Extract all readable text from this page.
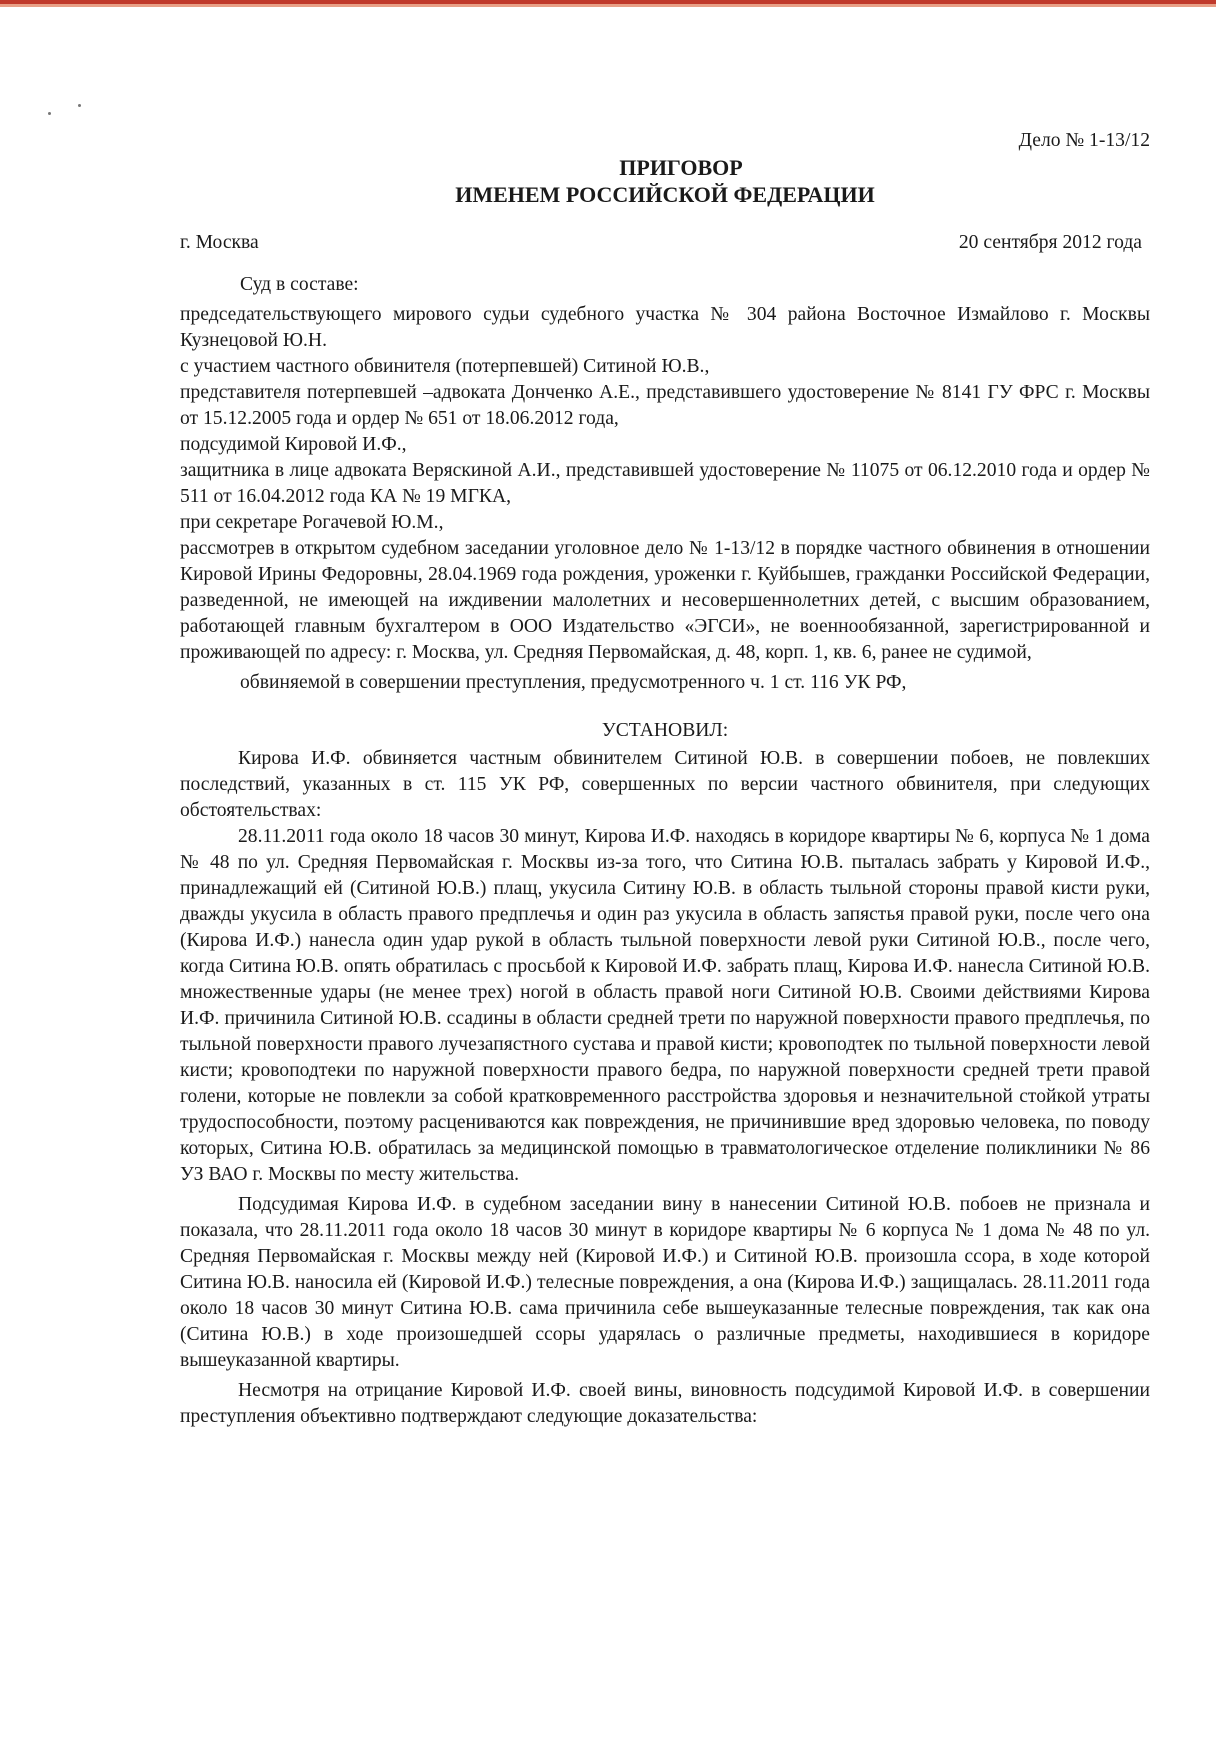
Дело № 1-13/12
ПРИГОВОР
ИМЕНЕМ РОССИЙСКОЙ ФЕДЕРАЦИИ
г. Москва	20 сентября 2012 года
Суд в составе:
председательствующего мирового судьи судебного участка № 304 района Восточное Измайлово г. Москвы Кузнецовой Ю.Н.
с участием частного обвинителя (потерпевшей) Ситиной Ю.В.,
представителя потерпевшей –адвоката Донченко А.Е., представившего удостоверение № 8141 ГУ ФРС г. Москвы от 15.12.2005 года и ордер № 651 от 18.06.2012 года,
подсудимой Кировой И.Ф.,
защитника в лице адвоката Веряскиной А.И., представившей удостоверение № 11075 от 06.12.2010 года и ордер № 511 от 16.04.2012 года КА № 19 МГКА,
при секретаре Рогачевой Ю.М.,
рассмотрев в открытом судебном заседании уголовное дело № 1-13/12 в порядке частного обвинения в отношении Кировой Ирины Федоровны, 28.04.1969 года рождения, уроженки г. Куйбышев, гражданки Российской Федерации, разведенной, не имеющей на иждивении малолетних и несовершеннолетних детей, с высшим образованием, работающей главным бухгалтером в ООО Издательство «ЭГСИ», не военнообязанной, зарегистрированной и проживающей по адресу: г. Москва, ул. Средняя Первомайская, д. 48, корп. 1, кв. 6, ранее не судимой,
обвиняемой в совершении преступления, предусмотренного ч. 1 ст. 116 УК РФ,
УСТАНОВИЛ:
Кирова И.Ф. обвиняется частным обвинителем Ситиной Ю.В. в совершении побоев, не повлекших последствий, указанных в ст. 115 УК РФ, совершенных по версии частного обвинителя, при следующих обстоятельствах:
28.11.2011 года около 18 часов 30 минут, Кирова И.Ф. находясь в коридоре квартиры № 6, корпуса № 1 дома № 48 по ул. Средняя Первомайская г. Москвы из-за того, что Ситина Ю.В. пыталась забрать у Кировой И.Ф., принадлежащий ей (Ситиной Ю.В.) плащ, укусила Ситину Ю.В. в область тыльной стороны правой кисти руки, дважды укусила в область правого предплечья и один раз укусила в область запястья правой руки, после чего она (Кирова И.Ф.) нанесла один удар рукой в область тыльной поверхности левой руки Ситиной Ю.В., после чего, когда Ситина Ю.В. опять обратилась с просьбой к Кировой И.Ф. забрать плащ, Кирова И.Ф. нанесла Ситиной Ю.В. множественные удары (не менее трех) ногой в область правой ноги Ситиной Ю.В. Своими действиями Кирова И.Ф. причинила Ситиной Ю.В. ссадины в области средней трети по наружной поверхности правого предплечья, по тыльной поверхности правого лучезапястного сустава и правой кисти; кровоподтек по тыльной поверхности левой кисти; кровоподтеки по наружной поверхности правого бедра, по наружной поверхности средней трети правой голени, которые не повлекли за собой кратковременного расстройства здоровья и незначительной стойкой утраты трудоспособности, поэтому расцениваются как повреждения, не причинившие вред здоровью человека, по поводу которых, Ситина Ю.В. обратилась за медицинской помощью в травматологическое отделение поликлиники № 86 УЗ ВАО г. Москвы по месту жительства.
Подсудимая Кирова И.Ф. в судебном заседании вину в нанесении Ситиной Ю.В. побоев не признала и показала, что 28.11.2011 года около 18 часов 30 минут в коридоре квартиры № 6 корпуса № 1 дома № 48 по ул. Средняя Первомайская г. Москвы между ней (Кировой И.Ф.) и Ситиной Ю.В. произошла ссора, в ходе которой Ситина Ю.В. наносила ей (Кировой И.Ф.) телесные повреждения, а она (Кирова И.Ф.) защищалась. 28.11.2011 года около 18 часов 30 минут Ситина Ю.В. сама причинила себе вышеуказанные телесные повреждения, так как она (Ситина Ю.В.) в ходе произошедшей ссоры ударялась о различные предметы, находившиеся в коридоре вышеуказанной квартиры.
Несмотря на отрицание Кировой И.Ф. своей вины, виновность подсудимой Кировой И.Ф. в совершении преступления объективно подтверждают следующие доказательства:
